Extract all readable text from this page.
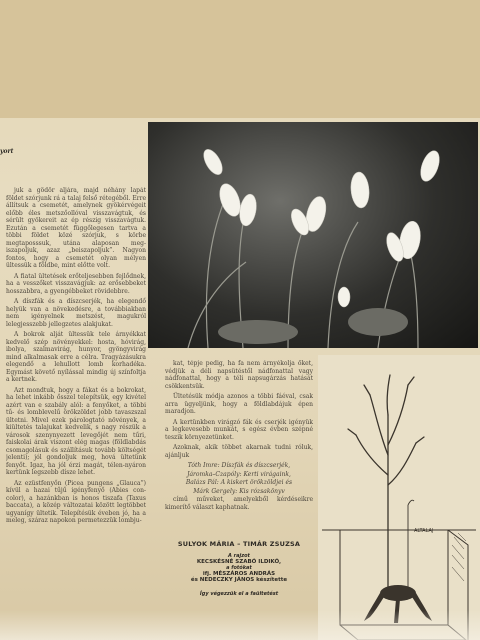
yort

juk a gödör aljára, majd néhány lapát földet szórjunk rá a talaj felső rétegéből. Erre állítsuk a csemetét, amelynek gyökérvégeit előbb éles metszőollóval visszavágtuk, és sérült gyökereit az ép részig visszavágtuk. Ezután a csemetét függőlegesen tartva a többi földet közé szórjuk, s körbe megtaposssuk, utána alaposan megiszapoljuk, azaz „beiszapoljuk”. Nagyon fontos, hogy a csemetét olyan mélyen ültessük a földbe, mint előtte volt.

A fiatal ültetések erőteljesebben fejlődnek, ha a vesszőket visszavágjuk: az erősebbeket hosszabbra, a gyengébbeket rövidebbre.

A díszfák és a díszcserjék, ha elegendő helyük van a növekedésre, a továbbiakban nem igényelnek metszést, magukról lelegjesszebb jellegzetes alakjukat.

A bokrok alját ültessük tele árnyékkat kedvelő szép növényekkel: hosta, hóvirág, ibolya, szalmavirág, hunyor, gyöngyvirág mind alkalmasak erre a célra. Tragyázásukra elegendő a lehullott lomb korhadéka. Egymást követő nyílással mindig új színfoltja a kertnek.

Azt mondtuk, hogy a fákat és a bokrokat, ha lehet inkább ősszel telepítsük, egy kivétel azért van e szabály alól: a fenyőket, a többi tű- és lomblevelű örökzöldet jobb tavaszszal ültetni. Mivel ezek párologtató növények, a kiültetés talajukat kedvelik, s nagy részük a városok szenynyezett levegőjét nem tűri, faiskolai árak viszont elég magas (földlabdás csomagolásuk és szállításuk tovább költségét jelenti); jól gondoljuk meg, hová ültetünk fenyőt. Igaz, ha jól érzi magát, télen-nyáron kertünk legszebb dísze lehet.

Az ezüstfenyőn (Picea pungens „Glauca”) kívül a hazai tűjű igényfenyő (Abies concolor), a hazánkban is honos tiszafa (Taxus baccata), a közép változatai között legtöbbet ugyanígy ültetik. Telepítésük éveben jó, ha a meleg, száraz napokon permetezzük lombju-

kat, tépje pedig, ha fa nem árnyékolja őket, védjük a déli napsütéstől nádfonattal vagy nádfonattal, hogy a téli napsugárzás hatását csökkentsük.

Ültetésük módja azonos a többi fáéval, csak arra ügyeljünk, hogy a földlabdájuk épen maradjon.

A kertünkben virágzó fák és cserjék igényük a legkevesebb munkát, s egész évben szépné teszik környezetünket.

Azoknak, akik többet akarnak tudni róluk, ajánljuk

Tóth Imre: Díszfák és díszcserjék,

Járomka–Czapóly: Kerti virágaink,

Balázs Pál: A kiskert örökzöldjei és

Márk Gergely: Kis rózsakönyv

című műveket, amelyekből kérdéseikre kimerítő választ kaphatnak.

SULYOK MÁRIA – TIMÁR ZSUZSA
A rajzot
KECSKÉSNÉ SZABÓ ILDIKÓ,
a fotókat
ifj. MÉSZÁROS ANDRÁS
és NEDECZKY JÁNOS készítette
Így végezzük el a faültetést
ALTALAJ
